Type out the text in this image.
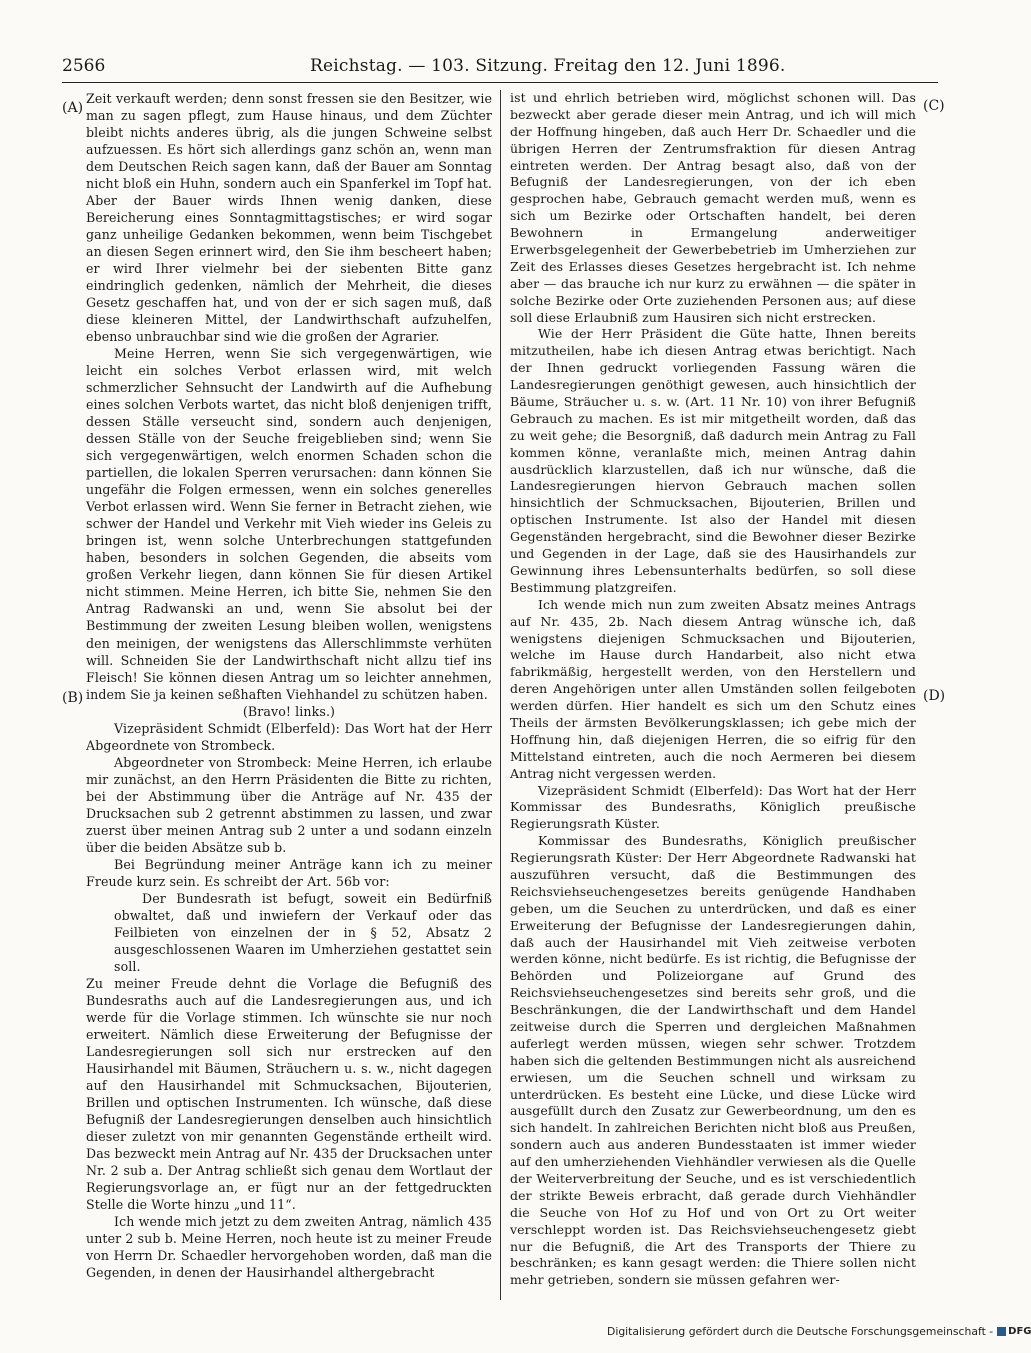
2566	Reichstag. — 103. Sitzung. Freitag den 12. Juni 1896.
(A)
(B)
(C)
(D)

Zeit verkauft werden; denn sonst fressen sie den Besitzer, wie man zu sagen pflegt, zum Hause hinaus, und dem Züchter bleibt nichts anderes übrig, als die jungen Schweine selbst aufzuessen. Es hört sich allerdings ganz schön an, wenn man dem Deutschen Reich sagen kann, daß der Bauer am Sonntag nicht bloß ein Huhn, sondern auch ein Spanferkel im Topf hat. Aber der Bauer wirds Ihnen wenig danken, diese Bereicherung eines Sonntagmittagstisches; er wird sogar ganz unheilige Gedanken bekommen, wenn beim Tischgebet an diesen Segen erinnert wird, den Sie ihm bescheert haben; er wird Ihrer vielmehr bei der siebenten Bitte ganz eindringlich gedenken, nämlich der Mehrheit, die dieses Gesetz geschaffen hat, und von der er sich sagen muß, daß diese kleineren Mittel, der Landwirthschaft aufzuhelfen, ebenso unbrauchbar sind wie die großen der Agrarier.

Meine Herren, wenn Sie sich vergegenwärtigen, wie leicht ein solches Verbot erlassen wird, mit welch schmerzlicher Sehnsucht der Landwirth auf die Aufhebung eines solchen Verbots wartet, das nicht bloß denjenigen trifft, dessen Ställe verseucht sind, sondern auch denjenigen, dessen Ställe von der Seuche freigeblieben sind; wenn Sie sich vergegenwärtigen, welch enormen Schaden schon die partiellen, die lokalen Sperren verursachen: dann können Sie ungefähr die Folgen ermessen, wenn ein solches generelles Verbot erlassen wird. Wenn Sie ferner in Betracht ziehen, wie schwer der Handel und Verkehr mit Vieh wieder ins Geleis zu bringen ist, wenn solche Unterbrechungen stattgefunden haben, besonders in solchen Gegenden, die abseits vom großen Verkehr liegen, dann können Sie für diesen Artikel nicht stimmen. Meine Herren, ich bitte Sie, nehmen Sie den Antrag Radwanski an und, wenn Sie absolut bei der Bestimmung der zweiten Lesung bleiben wollen, wenigstens den meinigen, der wenigstens das Allerschlimmste verhüten will. Schneiden Sie der Landwirthschaft nicht allzu tief ins Fleisch! Sie können diesen Antrag um so leichter annehmen, indem Sie ja keinen seßhaften Viehhandel zu schützen haben.

(Bravo! links.)

Vizepräsident Schmidt (Elberfeld): Das Wort hat der Herr Abgeordnete von Strombeck.

Abgeordneter von Strombeck: Meine Herren, ich erlaube mir zunächst, an den Herrn Präsidenten die Bitte zu richten, bei der Abstimmung über die Anträge auf Nr. 435 der Drucksachen sub 2 getrennt abstimmen zu lassen, und zwar zuerst über meinen Antrag sub 2 unter a und sodann einzeln über die beiden Absätze sub b.

Bei Begründung meiner Anträge kann ich zu meiner Freude kurz sein. Es schreibt der Art. 56b vor:

Der Bundesrath ist befugt, soweit ein Bedürfniß obwaltet, daß und inwiefern der Verkauf oder das Feilbieten von einzelnen der in § 52, Absatz 2 ausgeschlossenen Waaren im Umherziehen gestattet sein soll.

Zu meiner Freude dehnt die Vorlage die Befugniß des Bundesraths auch auf die Landesregierungen aus, und ich werde für die Vorlage stimmen. Ich wünschte sie nur noch erweitert. Nämlich diese Erweiterung der Befugnisse der Landesregierungen soll sich nur erstrecken auf den Hausirhandel mit Bäumen, Sträuchern u. s. w., nicht dagegen auf den Hausirhandel mit Schmucksachen, Bijouterien, Brillen und optischen Instrumenten. Ich wünsche, daß diese Befugniß der Landesregierungen denselben auch hinsichtlich dieser zuletzt von mir genannten Gegenstände ertheilt wird. Das bezweckt mein Antrag auf Nr. 435 der Drucksachen unter Nr. 2 sub a. Der Antrag schließt sich genau dem Wortlaut der Regierungsvorlage an, er fügt nur an der fettgedruckten Stelle die Worte hinzu „und 11“.

Ich wende mich jetzt zu dem zweiten Antrag, nämlich 435 unter 2 sub b. Meine Herren, noch heute ist zu meiner Freude von Herrn Dr. Schaedler hervorgehoben worden, daß man die Gegenden, in denen der Hausirhandel althergebracht

ist und ehrlich betrieben wird, möglichst schonen will. Das bezweckt aber gerade dieser mein Antrag, und ich will mich der Hoffnung hingeben, daß auch Herr Dr. Schaedler und die übrigen Herren der Zentrumsfraktion für diesen Antrag eintreten werden. Der Antrag besagt also, daß von der Befugniß der Landesregierungen, von der ich eben gesprochen habe, Gebrauch gemacht werden muß, wenn es sich um Bezirke oder Ortschaften handelt, bei deren Bewohnern in Ermangelung anderweitiger Erwerbsgelegenheit der Gewerbebetrieb im Umherziehen zur Zeit des Erlasses dieses Gesetzes hergebracht ist. Ich nehme aber — das brauche ich nur kurz zu erwähnen — die später in solche Bezirke oder Orte zuziehenden Personen aus; auf diese soll diese Erlaubniß zum Hausiren sich nicht erstrecken.

Wie der Herr Präsident die Güte hatte, Ihnen bereits mitzutheilen, habe ich diesen Antrag etwas berichtigt. Nach der Ihnen gedruckt vorliegenden Fassung wären die Landesregierungen genöthigt gewesen, auch hinsichtlich der Bäume, Sträucher u. s. w. (Art. 11 Nr. 10) von ihrer Befugniß Gebrauch zu machen. Es ist mir mitgetheilt worden, daß das zu weit gehe; die Besorgniß, daß dadurch mein Antrag zu Fall kommen könne, veranlaßte mich, meinen Antrag dahin ausdrücklich klarzustellen, daß ich nur wünsche, daß die Landesregierungen hiervon Gebrauch machen sollen hinsichtlich der Schmucksachen, Bijouterien, Brillen und optischen Instrumente. Ist also der Handel mit diesen Gegenständen hergebracht, sind die Bewohner dieser Bezirke und Gegenden in der Lage, daß sie des Hausirhandels zur Gewinnung ihres Lebensunterhalts bedürfen, so soll diese Bestimmung platzgreifen.

Ich wende mich nun zum zweiten Absatz meines Antrags auf Nr. 435, 2b. Nach diesem Antrag wünsche ich, daß wenigstens diejenigen Schmucksachen und Bijouterien, welche im Hause durch Handarbeit, also nicht etwa fabrikmäßig, hergestellt werden, von den Herstellern und deren Angehörigen unter allen Umständen sollen feilgeboten werden dürfen. Hier handelt es sich um den Schutz eines Theils der ärmsten Bevölkerungsklassen; ich gebe mich der Hoffnung hin, daß diejenigen Herren, die so eifrig für den Mittelstand eintreten, auch die noch Aermeren bei diesem Antrag nicht vergessen werden.

Vizepräsident Schmidt (Elberfeld): Das Wort hat der Herr Kommissar des Bundesraths, Königlich preußische Regierungsrath Küster.

Kommissar des Bundesraths, Königlich preußischer Regierungsrath Küster: Der Herr Abgeordnete Radwanski hat auszuführen versucht, daß die Bestimmungen des Reichsviehseuchengesetzes bereits genügende Handhaben geben, um die Seuchen zu unterdrücken, und daß es einer Erweiterung der Befugnisse der Landesregierungen dahin, daß auch der Hausirhandel mit Vieh zeitweise verboten werden könne, nicht bedürfe. Es ist richtig, die Befugnisse der Behörden und Polizeiorgane auf Grund des Reichsviehseuchengesetzes sind bereits sehr groß, und die Beschränkungen, die der Landwirthschaft und dem Handel zeitweise durch die Sperren und dergleichen Maßnahmen auferlegt werden müssen, wiegen sehr schwer. Trotzdem haben sich die geltenden Bestimmungen nicht als ausreichend erwiesen, um die Seuchen schnell und wirksam zu unterdrücken. Es besteht eine Lücke, und diese Lücke wird ausgefüllt durch den Zusatz zur Gewerbeordnung, um den es sich handelt. In zahlreichen Berichten nicht bloß aus Preußen, sondern auch aus anderen Bundesstaaten ist immer wieder auf den umherziehenden Viehhändler verwiesen als die Quelle der Weiterverbreitung der Seuche, und es ist verschiedentlich der strikte Beweis erbracht, daß gerade durch Viehhändler die Seuche von Hof zu Hof und von Ort zu Ort weiter verschleppt worden ist. Das Reichsviehseuchengesetz giebt nur die Befugniß, die Art des Transports der Thiere zu beschränken; es kann gesagt werden: die Thiere sollen nicht mehr getrieben, sondern sie müssen gefahren wer-

Digitalisierung gefördert durch die Deutsche Forschungsgemeinschaft - DFG
